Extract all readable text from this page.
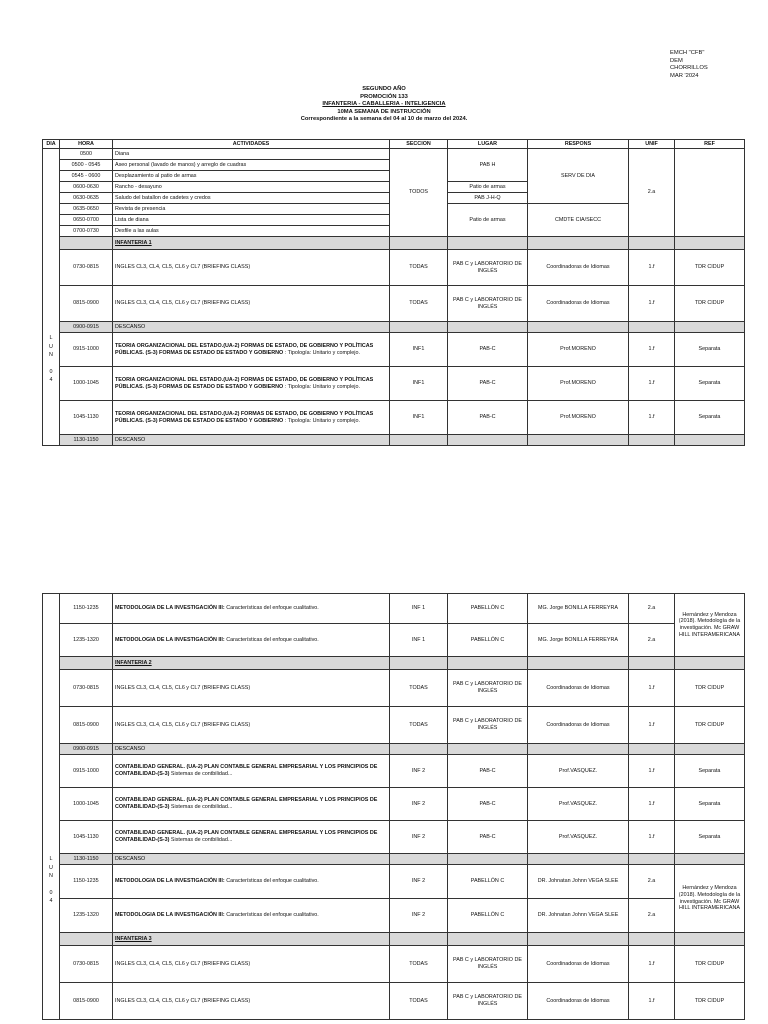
EMCH "CFB"
DEM
CHORRILLOS
MAR '2024
SEGUNDO AÑO
PROMOCIÓN 133
INFANTERIA - CABALLERIA - INTELIGENCIA
10MA SEMANA DE INSTRUCCIÓN
Correspondiente a la semana del 04 al 10 de marzo del 2024.
DIA	HORA	ACTIVIDADES	SECCION	LUGAR	RESPONS	UNIF	REF

L
U
N

0
4	0500	Diana	TODOS	PAB H	SERV DE DIA	2.a	
	0500 - 0545	Aseo personal (lavado de manos) y arreglo de cuadras					
	0545 - 0600	Desplazamiento al patio de armas					
	0600-0630	Rancho - desayuno		Patio de armas			
	0630-0635	Saludo del batallon de cadetes y credos		PAB J-H-Q			
	0635-0650	Revista de presencia		Patio de armas	CMDTE CIA/SECC		
	0650-0700	Lista de diana					
	0700-0730	Desfile a las aulas					
		INFANTERIA 1					
	0730-0815	INGLES CL3, CL4, CL5, CL6 y CL7 (BRIEFING CLASS)	TODAS	PAB C y LABORATORIO DE INGLÉS	Coordinadoras de Idiomas	1.f	TDR CIDUP
	0815-0900	INGLES CL3, CL4, CL5, CL6 y CL7 (BRIEFING CLASS)	TODAS	PAB C y LABORATORIO DE INGLÉS	Coordinadoras de Idiomas	1.f	TDR CIDUP
	0900-0915	DESCANSO					
	0915-1000	TEORIA ORGANIZACIONAL DEL ESTADO.(UA-2) FORMAS DE ESTADO, DE GOBIERNO Y POLÍTICAS PÚBLICAS. (S-3) FORMAS DE ESTADO DE ESTADO Y GOBIERNO : Tipología: Unitario y complejo.	INF1	PAB-C	Prof.MORENO	1.f	Separata
	1000-1045	TEORIA ORGANIZACIONAL DEL ESTADO.(UA-2) FORMAS DE ESTADO, DE GOBIERNO Y POLÍTICAS PÚBLICAS. (S-3) FORMAS DE ESTADO DE ESTADO Y GOBIERNO : Tipología: Unitario y complejo.	INF1	PAB-C	Prof.MORENO	1.f	Separata
	1045-1130	TEORIA ORGANIZACIONAL DEL ESTADO.(UA-2) FORMAS DE ESTADO, DE GOBIERNO Y POLÍTICAS PÚBLICAS. (S-3) FORMAS DE ESTADO DE ESTADO Y GOBIERNO : Tipología: Unitario y complejo.	INF1	PAB-C	Prof.MORENO	1.f	Separata
	1130-1150	DESCANSO					
L
U
N

0
4	1150-1235	METODOLOGIA DE LA INVESTIGACIÓN III: Características del enfoque cualitativo.	INF 1	PABELLÓN C	MG. Jorge BONILLA FERREYRA	2.a	Hernández y Mendoza (2018). Metodología de la investigación. Mc GRAW HILL INTERAMERICANA
	1235-1320	METODOLOGIA DE LA INVESTIGACIÓN III: Características del enfoque cualitativo.	INF 1	PABELLÓN C	MG. Jorge BONILLA FERREYRA	2.a	
		INFANTERIA 2					
	0730-0815	INGLES CL3, CL4, CL5, CL6 y CL7 (BRIEFING CLASS)	TODAS	PAB C y LABORATORIO DE INGLÉS	Coordinadoras de Idiomas	1.f	TDR CIDUP
	0815-0900	INGLES CL3, CL4, CL5, CL6 y CL7 (BRIEFING CLASS)	TODAS	PAB C y LABORATORIO DE INGLÉS	Coordinadoras de Idiomas	1.f	TDR CIDUP
	0900-0915	DESCANSO					
	0915-1000	CONTABILIDAD GENERAL. (UA-2) PLAN CONTABLE GENERAL EMPRESARIAL Y LOS PRINCIPIOS DE CONTABILIDAD-(S-3) Sistemas de contbilidad...	INF 2	PAB-C	Prof.VASQUEZ.	1.f	Separata
	1000-1045	CONTABILIDAD GENERAL. (UA-2) PLAN CONTABLE GENERAL EMPRESARIAL Y LOS PRINCIPIOS DE CONTABILIDAD-(S-3) Sistemas de contbilidad...	INF 2	PAB-C	Prof.VASQUEZ.	1.f	Separata
	1045-1130	CONTABILIDAD GENERAL. (UA-2) PLAN CONTABLE GENERAL EMPRESARIAL Y LOS PRINCIPIOS DE CONTABILIDAD-(S-3) Sistemas de contbilidad...	INF 2	PAB-C	Prof.VASQUEZ.	1.f	Separata
	1130-1150	DESCANSO					
	1150-1235	METODOLOGIA DE LA INVESTIGACIÓN III: Características del enfoque cualitativo.	INF 2	PABELLÓN C	DR. Johnatan Johnn VEGA SLEE	2.a	Hernández y Mendoza (2018). Metodología de la investigación. Mc GRAW HILL INTERAMERICANA
	1235-1320	METODOLOGIA DE LA INVESTIGACIÓN III: Características del enfoque cualitativo.	INF 2	PABELLÓN C	DR. Johnatan Johnn VEGA SLEE	2.a	
		INFANTERIA 3					
	0730-0815	INGLES CL3, CL4, CL5, CL6 y CL7 (BRIEFING CLASS)	TODAS	PAB C y LABORATORIO DE INGLÉS	Coordinadoras de Idiomas	1.f	TDR CIDUP
	0815-0900	INGLES CL3, CL4, CL5, CL6 y CL7 (BRIEFING CLASS)	TODAS	PAB C y LABORATORIO DE INGLÉS	Coordinadoras de Idiomas	1.f	TDR CIDUP
